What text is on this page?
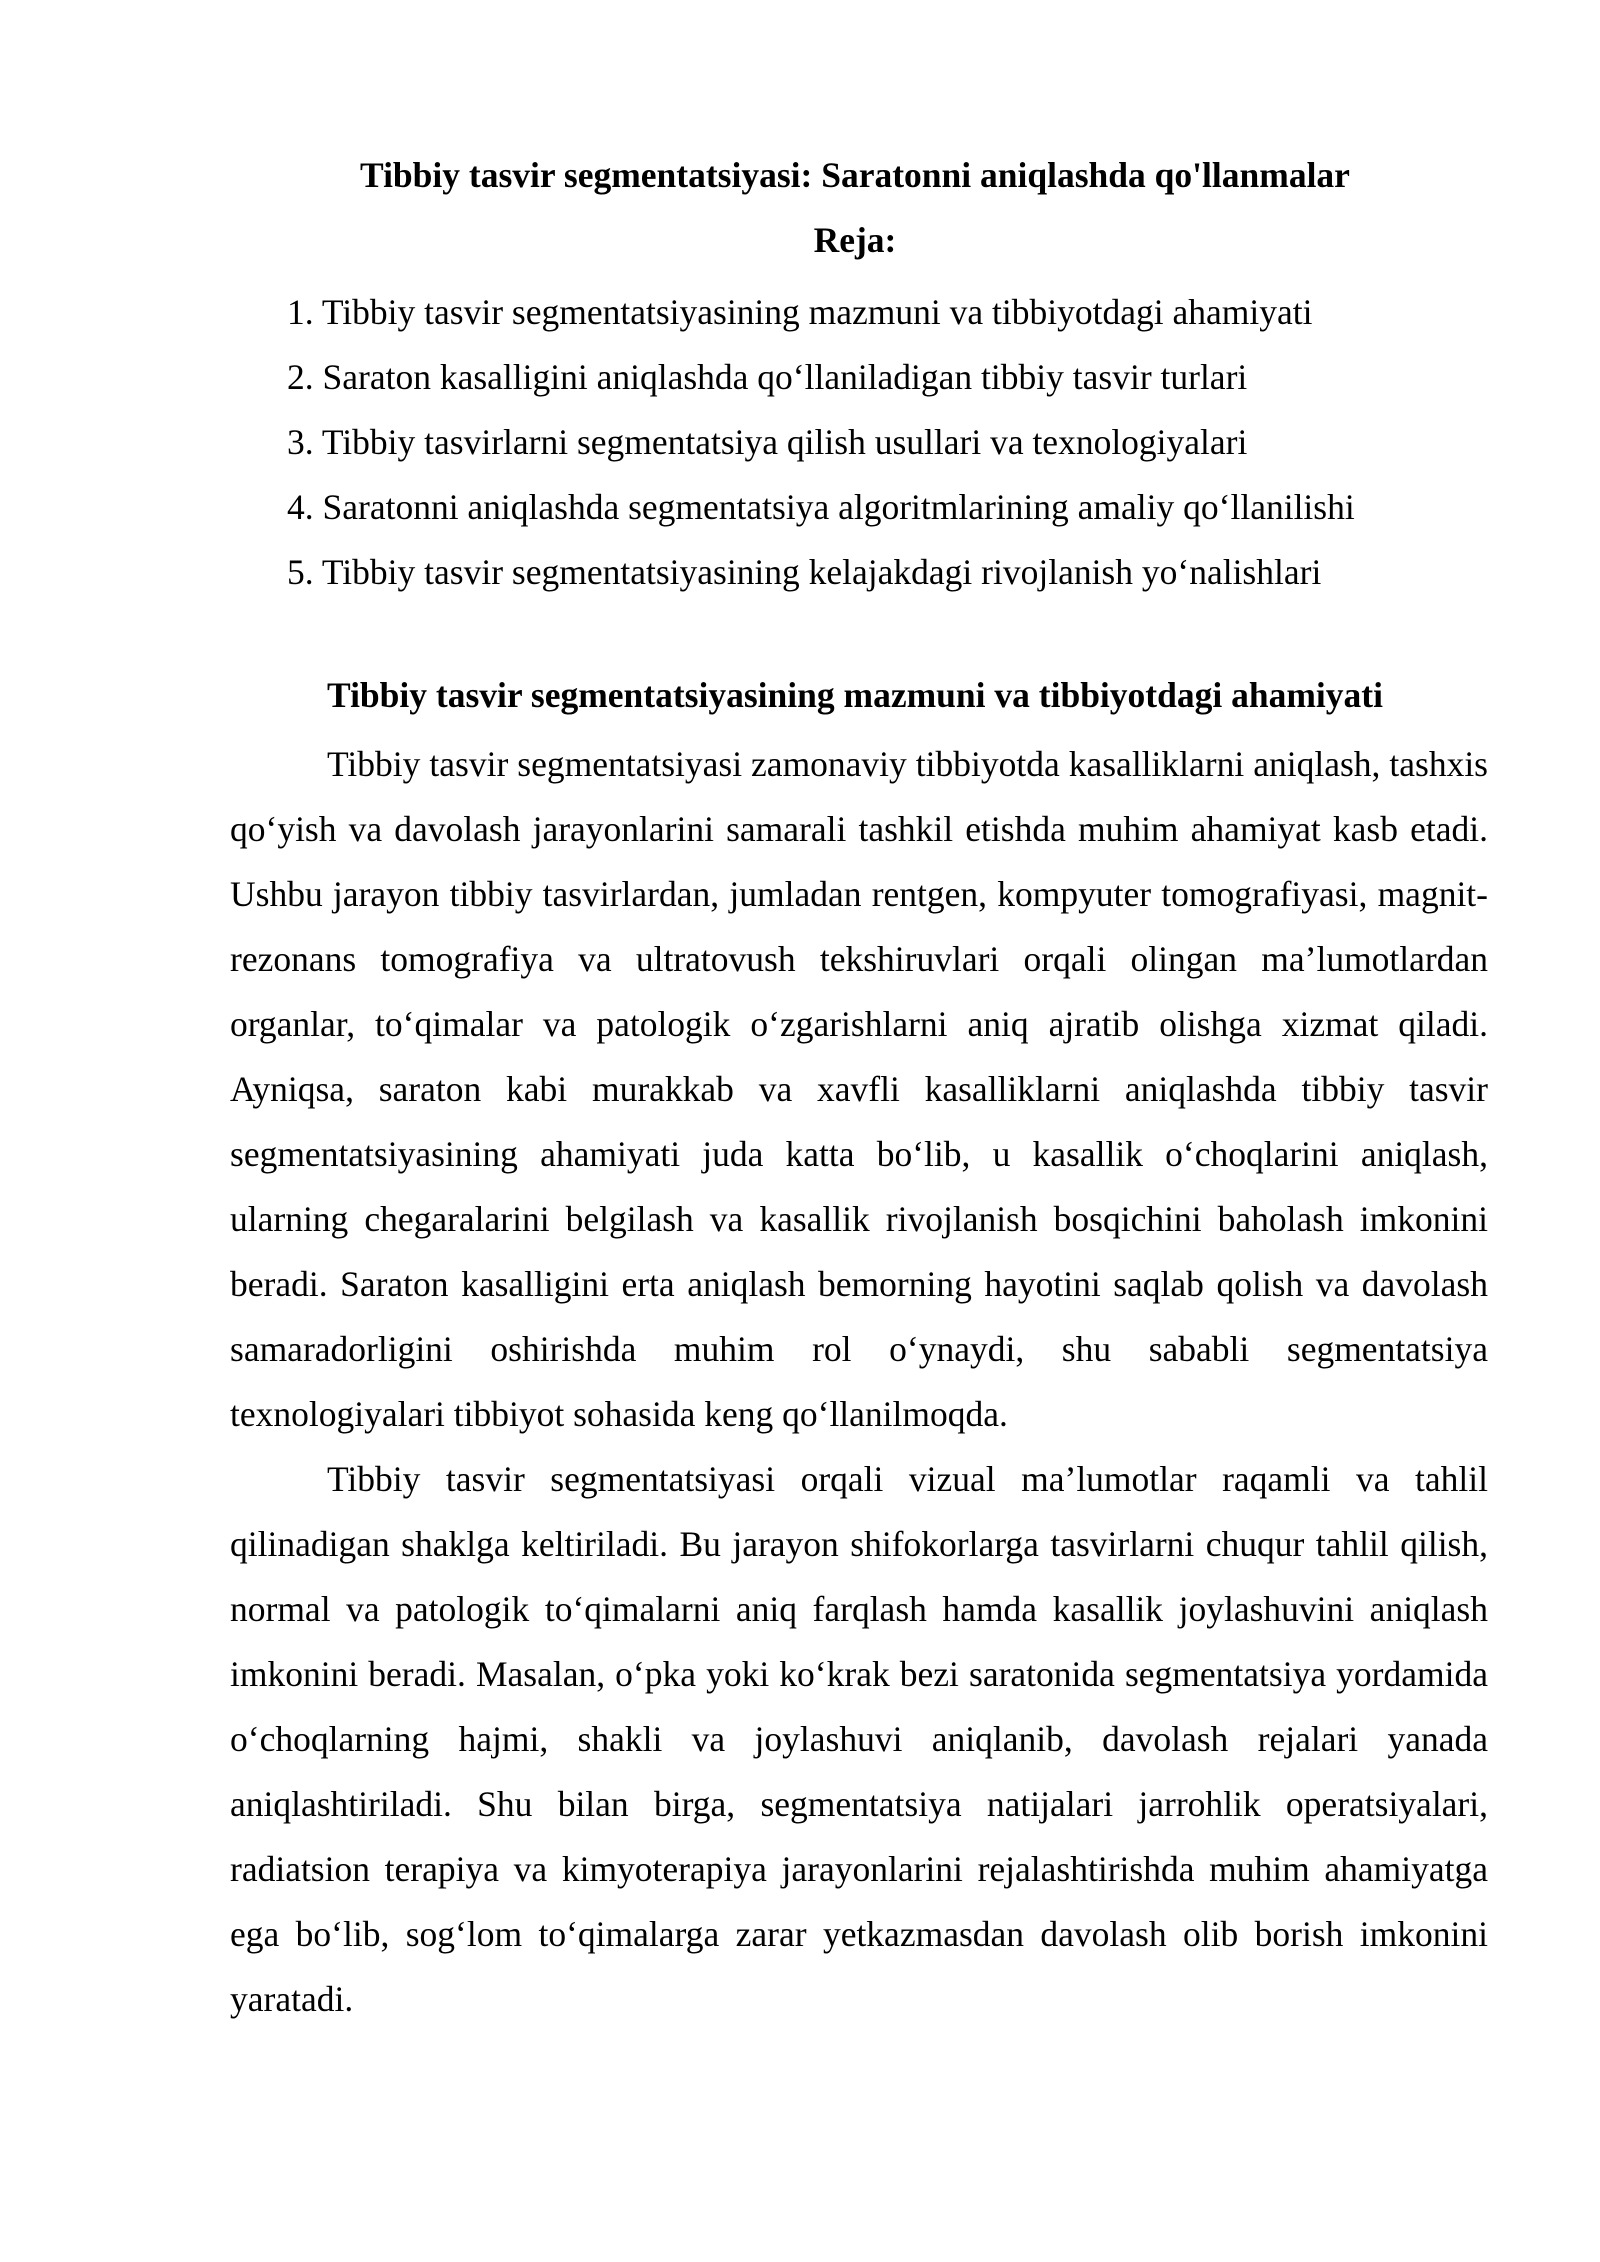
Tibbiy tasvir segmentatsiyasi: Saratonni aniqlashda qo'llanmalar
Reja:
1. Tibbiy tasvir segmentatsiyasining mazmuni va tibbiyotdagi ahamiyati
2. Saraton kasalligini aniqlashda qo‘llaniladigan tibbiy tasvir turlari
3. Tibbiy tasvirlarni segmentatsiya qilish usullari va texnologiyalari
4. Saratonni aniqlashda segmentatsiya algoritmlarining amaliy qo‘llanilishi
5. Tibbiy tasvir segmentatsiyasining kelajakdagi rivojlanish yo‘nalishlari
Tibbiy tasvir segmentatsiyasining mazmuni va tibbiyotdagi ahamiyati

Tibbiy tasvir segmentatsiyasi zamonaviy tibbiyotda kasalliklarni aniqlash, tashxis qo‘yish va davolash jarayonlarini samarali tashkil etishda muhim ahamiyat kasb etadi. Ushbu jarayon tibbiy tasvirlardan, jumladan rentgen, kompyuter tomografiyasi, magnit-rezonans tomografiya va ultratovush tekshiruvlari orqali olingan ma’lumotlardan organlar, to‘qimalar va patologik o‘zgarishlarni aniq ajratib olishga xizmat qiladi. Ayniqsa, saraton kabi murakkab va xavfli kasalliklarni aniqlashda tibbiy tasvir segmentatsiyasining ahamiyati juda katta bo‘lib, u kasallik o‘choqlarini aniqlash, ularning chegaralarini belgilash va kasallik rivojlanish bosqichini baholash imkonini beradi. Saraton kasalligini erta aniqlash bemorning hayotini saqlab qolish va davolash samaradorligini oshirishda muhim rol o‘ynaydi, shu sababli segmentatsiya texnologiyalari tibbiyot sohasida keng qo‘llanilmoqda.

Tibbiy tasvir segmentatsiyasi orqali vizual ma’lumotlar raqamli va tahlil qilinadigan shaklga keltiriladi. Bu jarayon shifokorlarga tasvirlarni chuqur tahlil qilish, normal va patologik to‘qimalarni aniq farqlash hamda kasallik joylashuvini aniqlash imkonini beradi. Masalan, o‘pka yoki ko‘krak bezi saratonida segmentatsiya yordamida o‘choqlarning hajmi, shakli va joylashuvi aniqlanib, davolash rejalari yanada aniqlashtiriladi. Shu bilan birga, segmentatsiya natijalari jarrohlik operatsiyalari, radiatsion terapiya va kimyoterapiya jarayonlarini rejalashtirishda muhim ahamiyatga ega bo‘lib, sog‘lom to‘qimalarga zarar yetkazmasdan davolash olib borish imkonini yaratadi.
